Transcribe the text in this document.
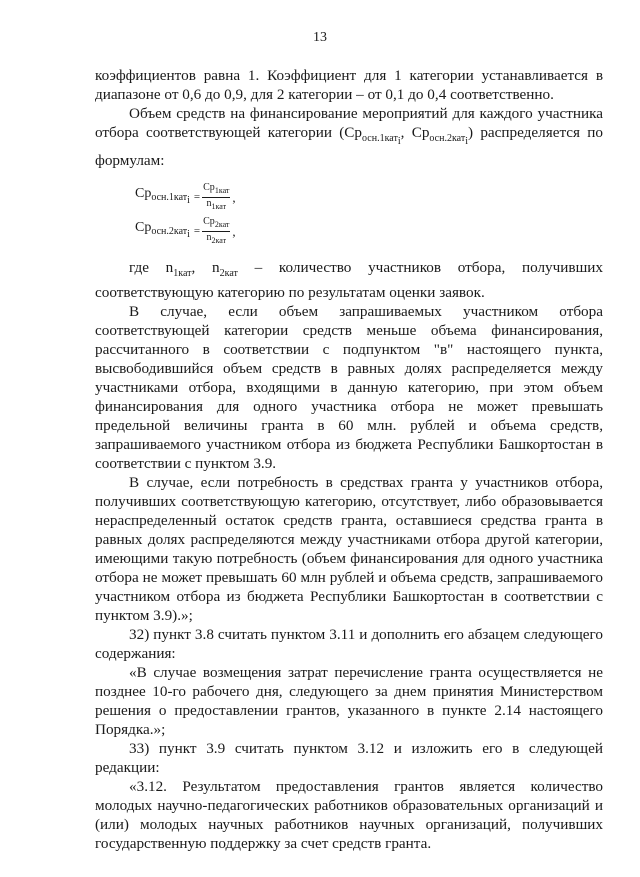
13

коэффициентов равна 1. Коэффициент для 1 категории устанавливается в диапазоне от 0,6 до 0,9, для 2 категории – от 0,1 до 0,4 соответственно.

Объем средств на финансирование мероприятий для каждого участника отбора соответствующей категории ($Ср_{осн.1кат_i}$, $Ср_{осн.2кат_i}$) распределяется по формулам:

$Ср_{осн.1кат_i} = \frac{Ср_{1кат}}{n_{1кат}}$ ,
$Ср_{осн.2кат_i} = \frac{Ср_{2кат}}{n_{2кат}}$ ,

где $n_{1кат}$, $n_{2кат}$ – количество участников отбора, получивших соответствующую категорию по результатам оценки заявок.

В случае, если объем запрашиваемых участником отбора соответствующей категории средств меньше объема финансирования, рассчитанного в соответствии с подпунктом "в" настоящего пункта, высвободившийся объем средств в равных долях распределяется между участниками отбора, входящими в данную категорию, при этом объем финансирования для одного участника отбора не может превышать предельной величины гранта в 60 млн. рублей и объема средств, запрашиваемого участником отбора из бюджета Республики Башкортостан в соответствии с пунктом 3.9.

В случае, если потребность в средствах гранта у участников отбора, получивших соответствующую категорию, отсутствует, либо образовывается нераспределенный остаток средств гранта, оставшиеся средства гранта в равных долях распределяются между участниками отбора другой категории, имеющими такую потребность (объем финансирования для одного участника отбора не может превышать 60 млн рублей и объема средств, запрашиваемого участником отбора из бюджета Республики Башкортостан в соответствии с пунктом 3.9).»;

32) пункт 3.8 считать пунктом 3.11 и дополнить его абзацем следующего содержания:

«В случае возмещения затрат перечисление гранта осуществляется не позднее 10-го рабочего дня, следующего за днем принятия Министерством решения о предоставлении грантов, указанного в пункте 2.14 настоящего Порядка.»;

33) пункт 3.9 считать пунктом 3.12 и изложить его в следующей редакции:

«3.12. Результатом предоставления грантов является количество молодых научно-педагогических работников образовательных организаций и (или) молодых научных работников научных организаций, получивших государственную поддержку за счет средств гранта.
